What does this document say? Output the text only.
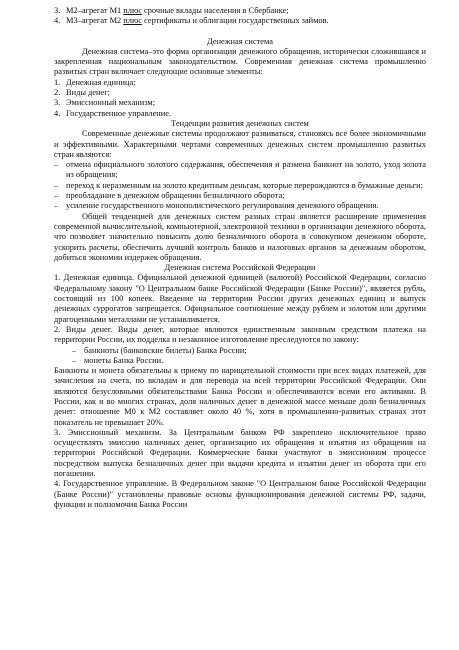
3. М2–агрегат М1 плюс срочные вклады населения в Сбербанке;

4. М3–агрегат М2 плюс сертификаты и облигации государственных займов.

Денежная система

Денежная система–это форма организации денежного обращения, исторически сложившаяся и закрепленная национальным законодательством. Современная денежная система промышленно развитых стран включает следующие основные элементы:

1. Денежная единица;

2. Виды денег;

3. Эмиссионный механизм;

4. Государственное управление.

Тенденции развития денежных систем

Современные денежные системы продолжают развиваться, становясь все более экономичными и эффективными. Характерными чертами современных денежных систем промышленно развитых стран являются:

– отмена официального золотого содержания, обеспечения и размена банкнот на золото, уход золота из обращения;

– переход к неразменным на золото кредитным деньгам, которые перерождаются в бумажные деньги;

– преобладание в денежном обращении безналичного оборота;

– усиление государственного монополистического регулирования денежного обращения.

Общей тенденцией для денежных систем разных стран является расширение применения современной вычислительной, компьютерной, электронной техники в организации денежного оборота, что позволяет значительно повысить долю безналичного оборота в совокупном денежном обороте, ускорить расчеты, обеспечить лучший контроль банков и налоговых органов за денежным оборотом, добиться экономии издержек обращения.

Денежная система Российской Федерации

1. Денежная единица. Официальной денежной единицей (валютой) Российской Федерации, согласно Федеральному закону "О Центральном банке Российской Федерации (Банке России)", является рубль, состоящий из 100 копеек. Введение на территории России других денежных единиц и выпуск денежных суррогатов запрещается. Официальное соотношение между рублем и золотом или другими драгоценными металлами не устанавливается.

2. Виды денег. Виды денег, которые являются единственным законным средством платежа на территории России, их подделка и незаконное изготовление преследуются по закону:

– банкноты (банковские билеты) Банка России;

– монеты Банка России.

Банкноты и монета обязательны к приему по нарицательной стоимости при всех видах платежей, для зачисления на счета, по вкладам и для перевода на всей территории Российской Федерации. Они являются безусловными обязательствами Банка России и обеспечиваются всеми его активами. В России, как и во многих странах, доля наличных денег в денежной массе меньше доли безналичных денег: отношение М0 к М2 составляет около 40 %, хотя в промышленно-развитых странах этот показатель не превышает 20%.

3. Эмиссионный механизм. За Центральным банком РФ закреплено исключительное право осуществлять эмиссию наличных денег, организацию их обращения и изъятия из обращения на территории Российской Федерации. Коммерческие банки участвуют в эмиссионном процессе посредством выпуска безналичных денег при выдачи кредита и изъятии денег из оборота при его погашении.

4. Государственное управление. В Федеральном законе "О Центральном банке Российской Федерации (Банке России)" установлены правовые основы функционирования денежной системы РФ, задачи, функции и полномочия Банка России
